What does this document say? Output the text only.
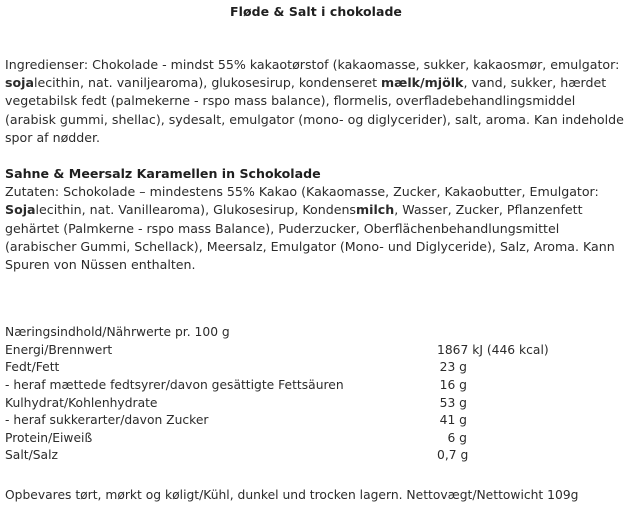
Fløde & Salt i chokolade

Ingredienser: Chokolade - mindst 55% kakaotørstof (kakaomasse, sukker, kakaosmør, emulgator: sojalecithin, nat. vaniljearoma), glukosesirup, kondenseret mælk/mjölk, vand, sukker, hærdet vegetabilsk fedt (palmekerne - rspo mass balance), flormelis, overfladebehandlingsmiddel (arabisk gummi, shellac), sydesalt, emulgator (mono- og diglycerider), salt, aroma. Kan indeholde spor af nødder.

Sahne & Meersalz Karamellen in Schokolade

Zutaten: Schokolade – mindestens 55% Kakao (Kakaomasse, Zucker, Kakaobutter, Emulgator: Sojalecithin, nat. Vanillearoma), Glukosesirup, Kondensmilch, Wasser, Zucker, Pflanzenfett gehärtet (Palmkerne - rspo mass Balance), Puderzucker, Oberflächenbehandlungsmittel (arabischer Gummi, Schellack), Meersalz, Emulgator (Mono- und Diglyceride), Salz, Aroma. Kann Spuren von Nüssen enthalten.

Næringsindhold/Nährwerte pr. 100 g
Energi/Brennwert	1867 kJ (446 kcal)
Fedt/Fett	23 g
- heraf mættede fedtsyrer/davon gesättigte Fettsäuren	16 g
Kulhydrat/Kohlenhydrate	53 g
- heraf sukkerarter/davon Zucker	41 g
Protein/Eiweiß	6 g
Salt/Salz	0,7 g
Opbevares tørt, mørkt og køligt/Kühl, dunkel und trocken lagern. Nettovægt/Nettowicht 109g
